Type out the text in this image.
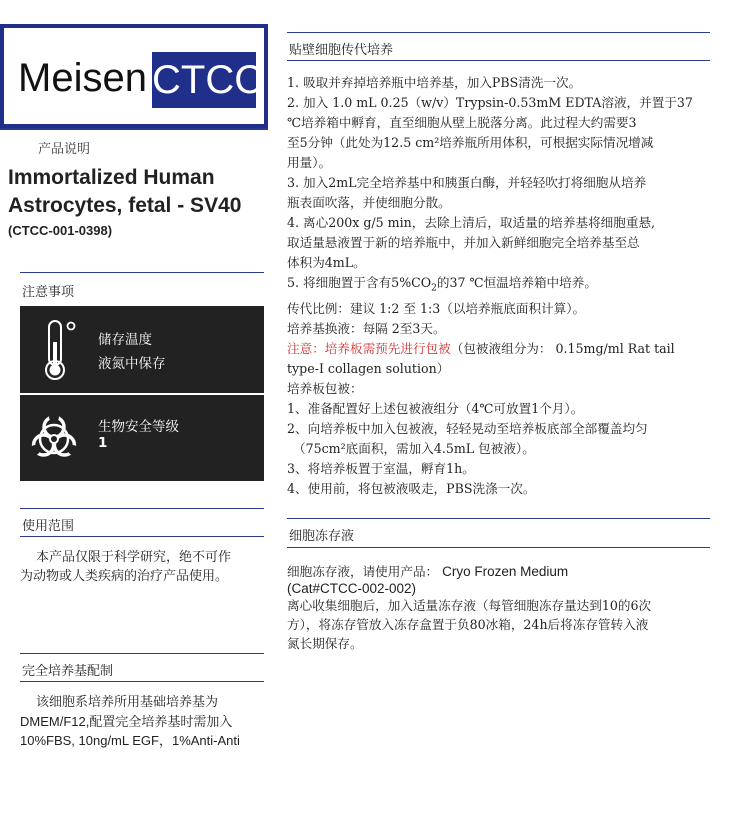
Meisen CTCC
产品说明
Immortalized Human
Astrocytes, fetal - SV40
(CTCC-001-0398)
注意事项
储存温度
液氮中保存
生物安全等级
1
使用范围
本产品仅限于科学研究，绝不可作
为动物或人类疾病的治疗产品使用。
完全培养基配制
该细胞系培养所用基础培养基为
DMEM/F12,配置完全培养基时需加入
10%FBS, 10ng/mL EGF，1%Anti-Anti
贴壁细胞传代培养

1. 吸取并弃掉培养瓶中培养基，加入PBS清洗一次。

2. 加入 1.0 mL 0.25（w/v）Trypsin-0.53mM EDTA溶液，并置于37

℃培养箱中孵育，直至细胞从壁上脱落分离。此过程大约需要3

至5分钟（此处为12.5 cm²培养瓶所用体积，可根据实际情况增减

用量）。

3. 加入2mL完全培养基中和胰蛋白酶，并轻轻吹打将细胞从培养

瓶表面吹落，并使细胞分散。

4. 离心200x g/5 min，去除上清后，取适量的培养基将细胞重悬,

取适量悬液置于新的培养瓶中，并加入新鲜细胞完全培养基至总

体积为4mL。

5. 将细胞置于含有$5\%CO_2$的37 ℃恒温培养箱中培养。

传代比例：建议 1:2 至 1:3（以培养瓶底面积计算）。

培养基换液：每隔 2至3天。

注意：培养板需预先进行包被（包被液组分为： 0.15mg/ml Rat tail

type-I collagen solution）

培养板包被：

1、准备配置好上述包被液组分（4℃可放置1个月）。

2、向培养板中加入包被液，轻轻晃动至培养板底部全部覆盖均匀

（75cm²底面积，需加入4.5mL 包被液）。

3、将培养板置于室温，孵育1h。

4、使用前，将包被液吸走，PBS洗涤一次。

细胞冻存液

细胞冻存液，请使用产品： Cryo Frozen Medium

(Cat#CTCC-002-002)

离心收集细胞后，加入适量冻存液（每管细胞冻存量达到10的6次

方），将冻存管放入冻存盒置于负80冰箱，24h后将冻存管转入液

氮长期保存。
